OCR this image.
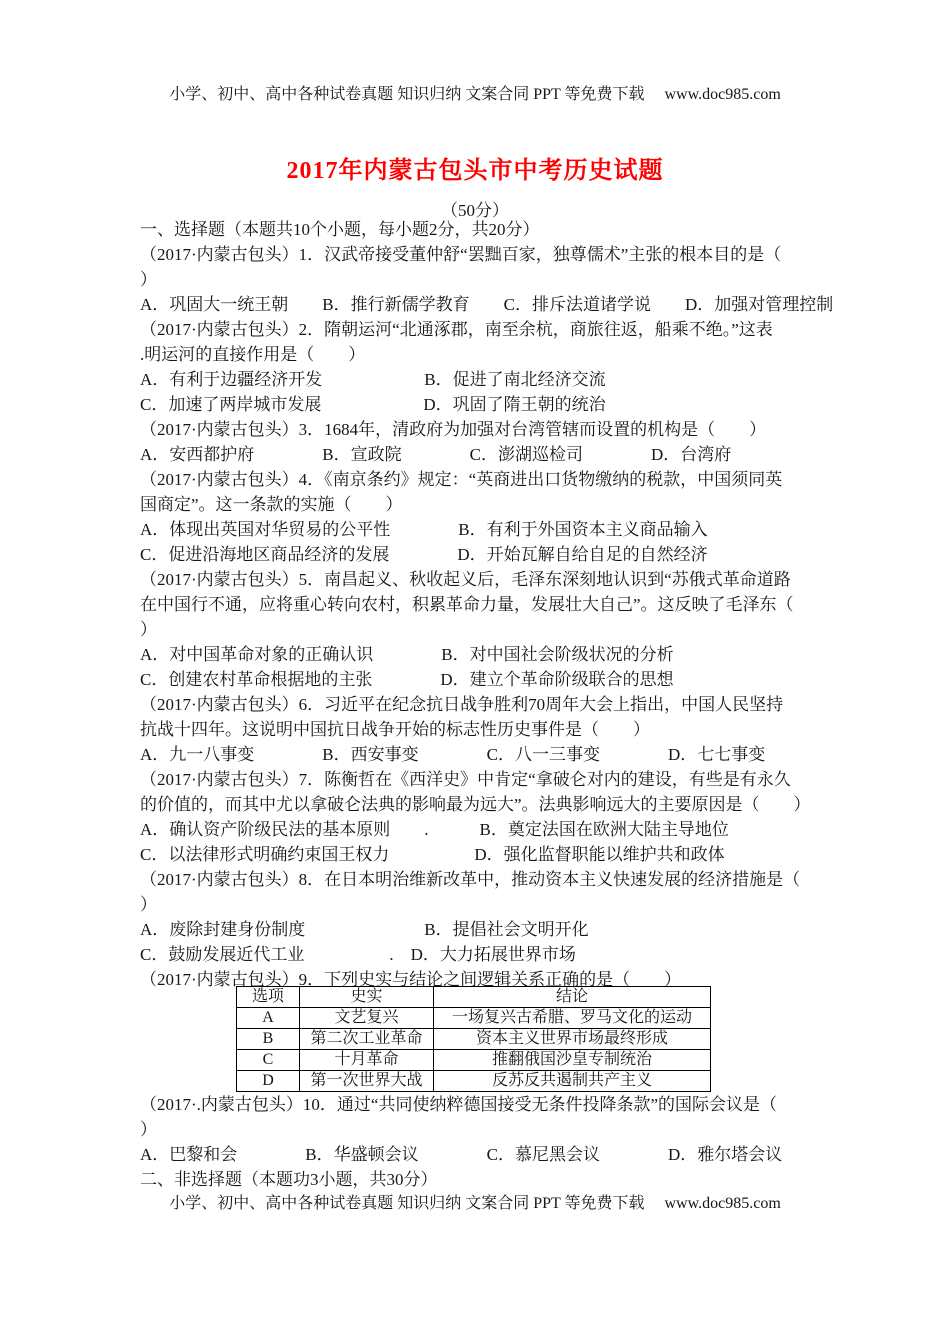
小学、初中、高中各种试卷真题 知识归纳 文案合同 PPT 等免费下载　 www.doc985.com
2017年内蒙古包头市中考历史试题
（50分）
一、选择题（本题共10个小题，每小题2分，共20分）
（2017·内蒙古包头）1．汉武帝接受董仲舒“罢黜百家，独尊儒术”主张的根本目的是（
）
A．巩固大一统王朝　　B．推行新儒学教育　　C．排斥法道诸学说　　D．加强对管理控制
（2017·内蒙古包头）2．隋朝运河“北通涿郡，南至余杭，商旅往返，船乘不绝。”这表
.明运河的直接作用是（　　）
A．有利于边疆经济开发　　　　　　B．促进了南北经济交流
C．加速了两岸城市发展　　　　　　D．巩固了隋王朝的统治
（2017·内蒙古包头）3．1684年，清政府为加强对台湾管辖而设置的机构是（　　）
A．安西都护府　　　　B．宣政院　　　　C．澎湖巡检司　　　　D．台湾府
（2017·内蒙古包头）4．《南京条约》规定：“英商进出口货物缴纳的税款，中国须同英
国商定”。这一条款的实施（　　）
A．体现出英国对华贸易的公平性　　　　B．有利于外国资本主义商品输入
C．促进沿海地区商品经济的发展　　　　D．开始瓦解自给自足的自然经济
（2017·内蒙古包头）5．南昌起义、秋收起义后，毛泽东深刻地认识到“苏俄式革命道路
在中国行不通，应将重心转向农村，积累革命力量，发展壮大自己”。这反映了毛泽东（
）
A．对中国革命对象的正确认识　　　　B．对中国社会阶级状况的分析
C．创建农村革命根据地的主张　　　　D．建立个革命阶级联合的思想
（2017·内蒙古包头）6．习近平在纪念抗日战争胜利70周年大会上指出，中国人民坚持
抗战十四年。这说明中国抗日战争开始的标志性历史事件是（　　）
A．九一八事变　　　　B．西安事变　　　　C．八一三事变　　　　D．七七事变
（2017·内蒙古包头）7．陈衡哲在《西洋史》中肯定“拿破仑对内的建设，有些是有永久
的价值的，而其中尤以拿破仑法典的影响最为远大”。法典影响远大的主要原因是（　　）
A．确认资产阶级民法的基本原则　　.　　　B．奠定法国在欧洲大陆主导地位
C．以法律形式明确约束国王权力　　　　　D．强化监督职能以维护共和政体
（2017·内蒙古包头）8．在日本明治维新改革中，推动资本主义快速发展的经济措施是（
）
A．废除封建身份制度　　　　　　　B．提倡社会文明开化
C．鼓励发展近代工业　　　　　.　D．大力拓展世界市场
（2017·内蒙古包头）9．下列史实与结论之间逻辑关系正确的是（　　）
选项	史实	结论
A	文艺复兴	一场复兴古希腊、罗马文化的运动
B	第二次工业革命	资本主义世界市场最终形成
C	十月革命	推翻俄国沙皇专制统治
D	第一次世界大战	反苏反共遏制共产主义
（2017·.内蒙古包头）10．通过“共同使纳粹德国接受无条件投降条款”的国际会议是（
）
A．巴黎和会　　　　B．华盛顿会议　　　　C．慕尼黑会议　　　　D．雅尔塔会议
二、非选择题（本题功3小题，共30分）
小学、初中、高中各种试卷真题 知识归纳 文案合同 PPT 等免费下载　 www.doc985.com
